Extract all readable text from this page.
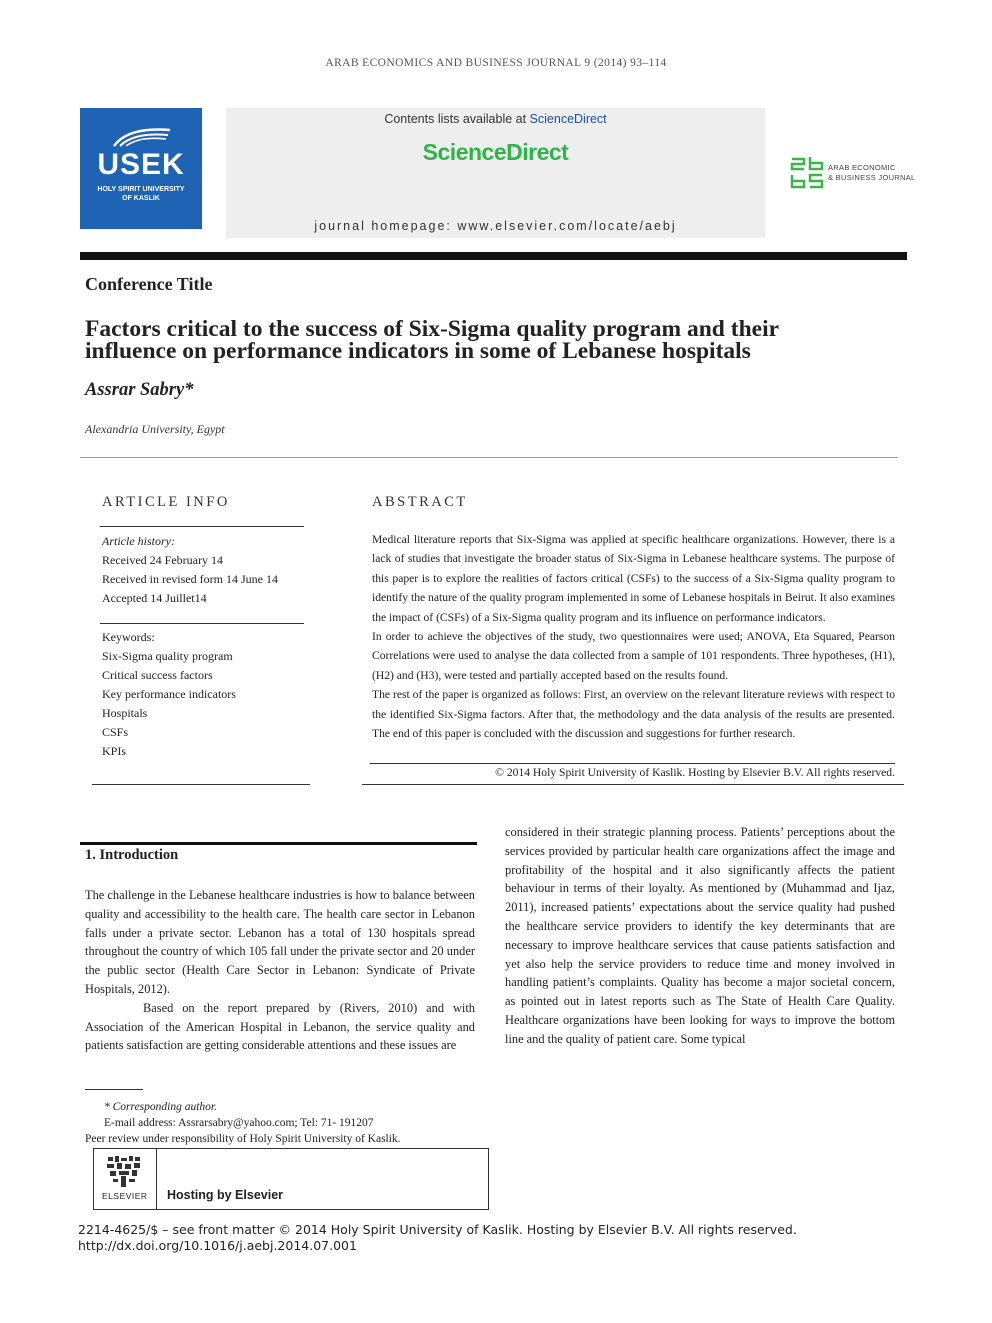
ARAB ECONOMICS AND BUSINESS JOURNAL 9 (2014) 93–114
USEK
HOLY SPIRIT UNIVERSITY
OF KASLIK
Contents lists available at ScienceDirect
ScienceDirect
journal homepage: www.elsevier.com/locate/aebj
ARAB ECONOMIC
& BUSINESS JOURNAL
Conference Title
Factors critical to the success of Six-Sigma quality program and their
influence on performance indicators in some of Lebanese hospitals
Assrar Sabry*
Alexandria University, Egypt
ARTICLE INFO
Article history:
Received 24 February 14
Received in revised form 14 June 14
Accepted 14 Juillet14
Keywords:
Six-Sigma quality program
Critical success factors
Key performance indicators
Hospitals
CSFs
KPIs
ABSTRACT

Medical literature reports that Six-Sigma was applied at specific healthcare organizations. However, there is a lack of studies that investigate the broader status of Six-Sigma in Lebanese healthcare systems. The purpose of this paper is to explore the realities of factors critical (CSFs) to the success of a Six-Sigma quality program to identify the nature of the quality program implemented in some of Lebanese hospitals in Beirut. It also examines the impact of (CSFs) of a Six-Sigma quality program and its influence on performance indicators.

In order to achieve the objectives of the study, two questionnaires were used; ANOVA, Eta Squared, Pearson Correlations were used to analyse the data collected from a sample of 101 respondents. Three hypotheses, (H1), (H2) and (H3), were tested and partially accepted based on the results found.

The rest of the paper is organized as follows: First, an overview on the relevant literature reviews with respect to the identified Six-Sigma factors. After that, the methodology and the data analysis of the results are presented. The end of this paper is concluded with the discussion and suggestions for further research.

© 2014 Holy Spirit University of Kaslik. Hosting by Elsevier B.V. All rights reserved.
1. Introduction

The challenge in the Lebanese healthcare industries is how to balance between quality and accessibility to the health care. The health care sector in Lebanon falls under a private sector. Lebanon has a total of 130 hospitals spread throughout the country of which 105 fall under the private sector and 20 under the public sector (Health Care Sector in Lebanon: Syndicate of Private Hospitals, 2012).

Based on the report prepared by (Rivers, 2010) and with Association of the American Hospital in Lebanon, the service quality and patients satisfaction are getting considerable attentions and these issues are

considered in their strategic planning process. Patients’ perceptions about the services provided by particular health care organizations affect the image and profitability of the hospital and it also significantly affects the patient behaviour in terms of their loyalty. As mentioned by (Muhammad and Ijaz, 2011), increased patients’ expectations about the service quality had pushed the healthcare service providers to identify the key determinants that are necessary to improve healthcare services that cause patients satisfaction and yet also help the service providers to reduce time and money involved in handling patient’s complaints. Quality has become a major societal concern, as pointed out in latest reports such as The State of Health Care Quality. Healthcare organizations have been looking for ways to improve the bottom line and the quality of patient care. Some typical

* Corresponding author.
E-mail address: Assrarsabry@yahoo.com; Tel: 71- 191207
Peer review under responsibility of Holy Spirit University of Kaslik.
ELSEVIER Hosting by Elsevier
2214-4625/$ – see front matter © 2014 Holy Spirit University of Kaslik. Hosting by Elsevier B.V. All rights reserved.
http://dx.doi.org/10.1016/j.aebj.2014.07.001
